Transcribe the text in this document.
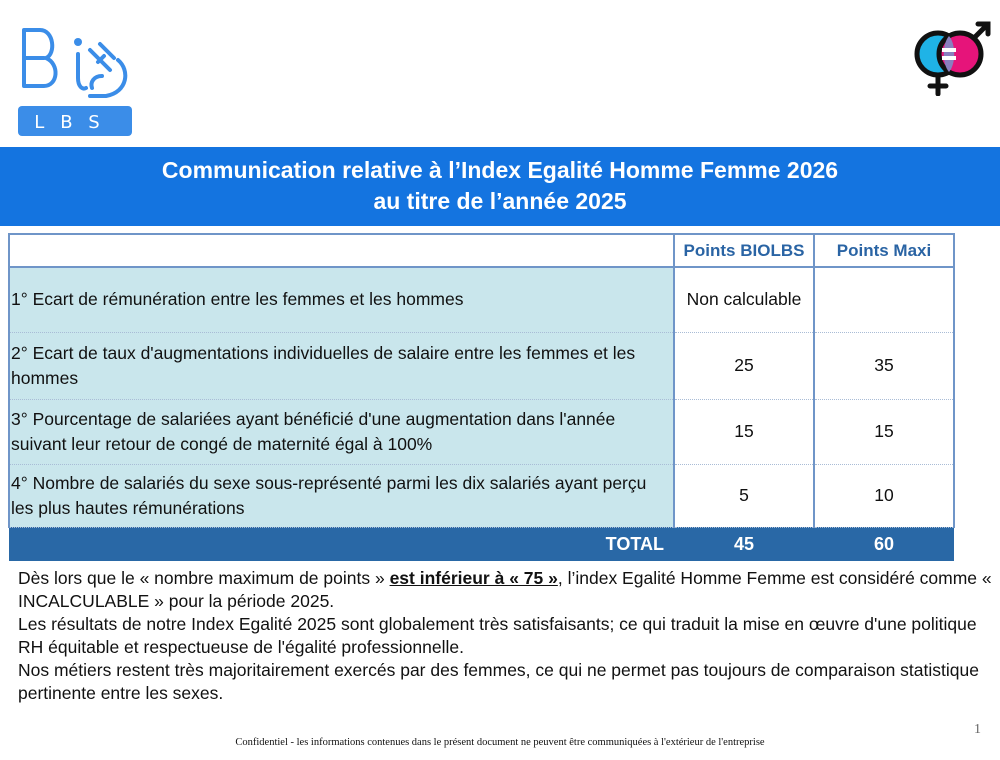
LBS
Communication relative à l’Index Egalité Homme Femme 2026
au titre de l’année 2025
	Points BIOLBS	Points Maxi
1° Ecart de rémunération entre les femmes et les hommes	Non calculable	
2° Ecart de taux d'augmentations individuelles de salaire entre les femmes et les hommes	25	35
3° Pourcentage de salariées ayant bénéficié d'une augmentation dans l'année suivant leur retour de congé de maternité égal à 100%	15	15
4° Nombre de salariés du sexe sous-représenté parmi les dix salariés ayant perçu les plus hautes rémunérations	5	10
TOTAL	45	60

Dès lors que le « nombre maximum de points » est inférieur à « 75 », l’index Egalité Homme Femme est considéré comme « INCALCULABLE » pour la période 2025.

Les résultats de notre Index Egalité 2025 sont globalement très satisfaisants; ce qui traduit la mise en œuvre d'une politique RH équitable et respectueuse de l'égalité professionnelle.

Nos métiers restent très majoritairement exercés par des femmes, ce qui ne permet pas toujours de comparaison statistique pertinente entre les sexes.

Confidentiel - les informations contenues dans le présent document ne peuvent être communiquées à l'extérieur de l'entreprise
1
